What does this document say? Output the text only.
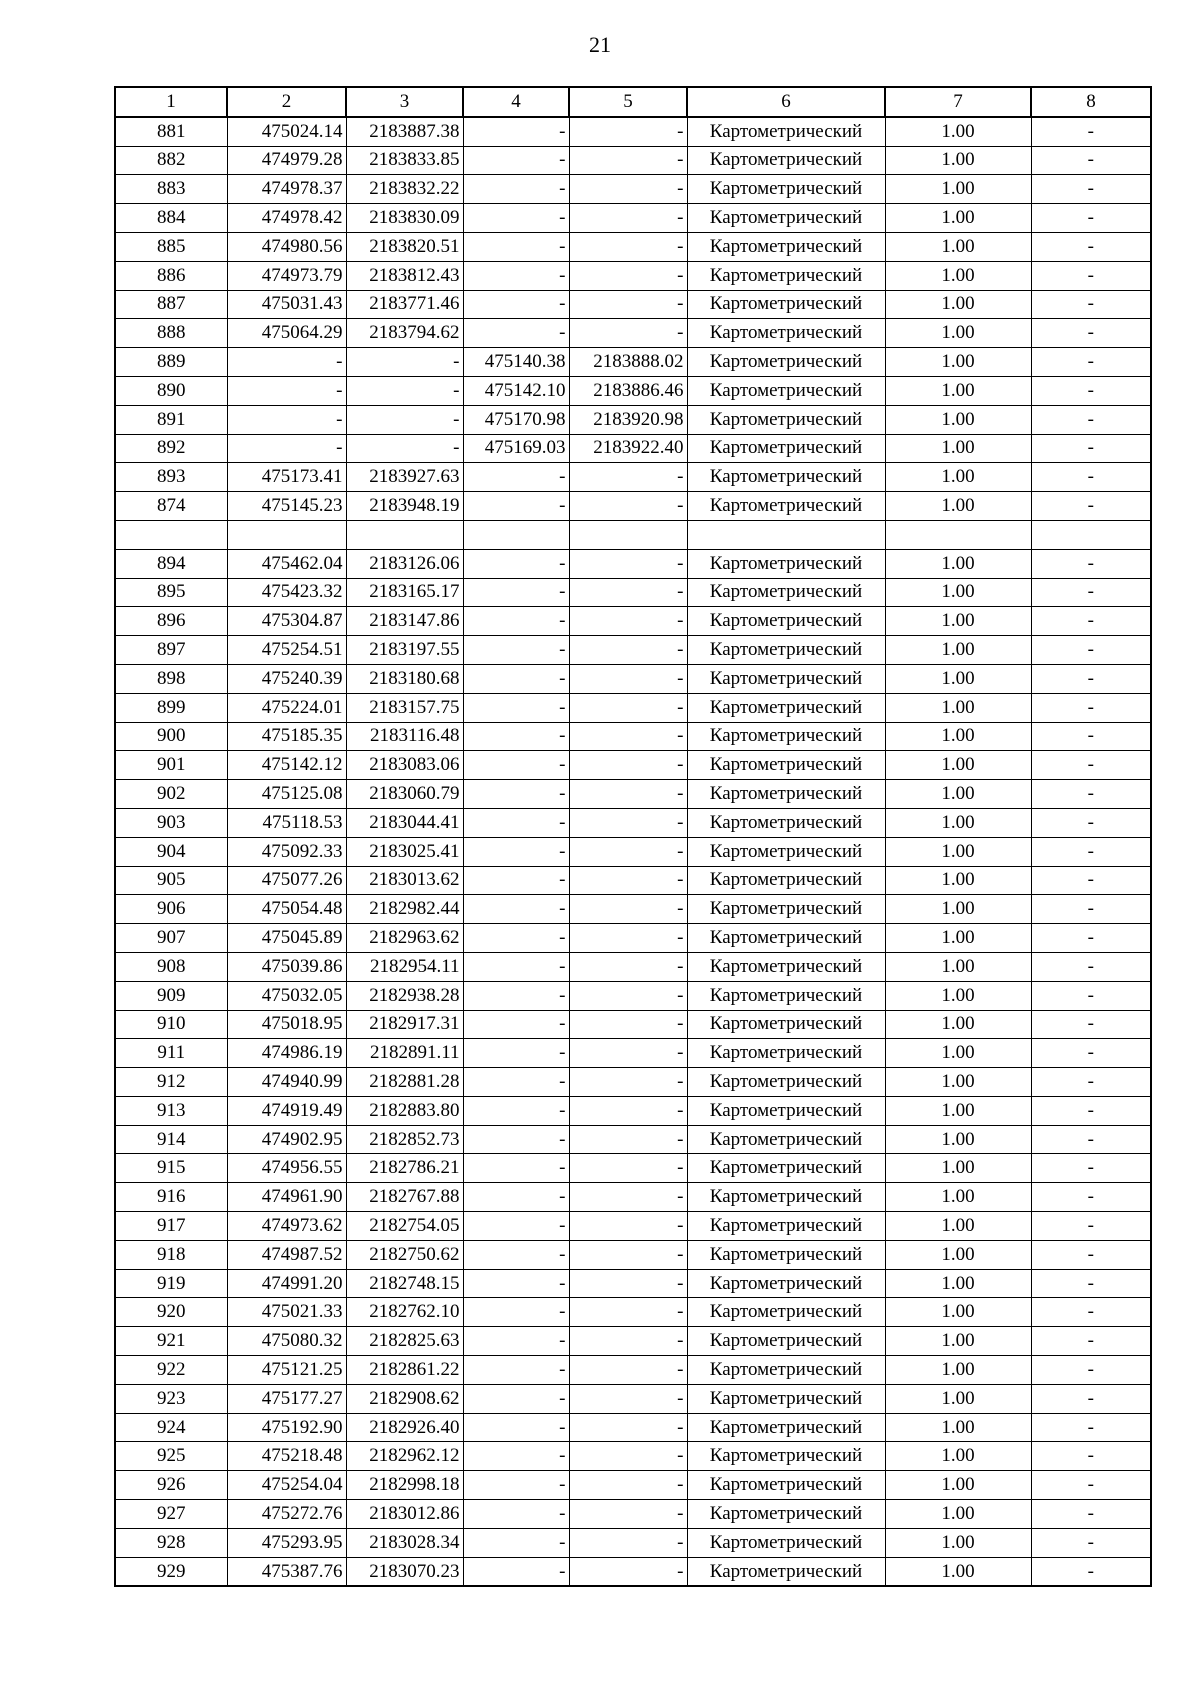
21
1	2	3	4	5	6	7	8
881	475024.14	2183887.38	-	-	Картометрический	1.00	-
882	474979.28	2183833.85	-	-	Картометрический	1.00	-
883	474978.37	2183832.22	-	-	Картометрический	1.00	-
884	474978.42	2183830.09	-	-	Картометрический	1.00	-
885	474980.56	2183820.51	-	-	Картометрический	1.00	-
886	474973.79	2183812.43	-	-	Картометрический	1.00	-
887	475031.43	2183771.46	-	-	Картометрический	1.00	-
888	475064.29	2183794.62	-	-	Картометрический	1.00	-
889	-	-	475140.38	2183888.02	Картометрический	1.00	-
890	-	-	475142.10	2183886.46	Картометрический	1.00	-
891	-	-	475170.98	2183920.98	Картометрический	1.00	-
892	-	-	475169.03	2183922.40	Картометрический	1.00	-
893	475173.41	2183927.63	-	-	Картометрический	1.00	-
874	475145.23	2183948.19	-	-	Картометрический	1.00	-

894	475462.04	2183126.06	-	-	Картометрический	1.00	-
895	475423.32	2183165.17	-	-	Картометрический	1.00	-
896	475304.87	2183147.86	-	-	Картометрический	1.00	-
897	475254.51	2183197.55	-	-	Картометрический	1.00	-
898	475240.39	2183180.68	-	-	Картометрический	1.00	-
899	475224.01	2183157.75	-	-	Картометрический	1.00	-
900	475185.35	2183116.48	-	-	Картометрический	1.00	-
901	475142.12	2183083.06	-	-	Картометрический	1.00	-
902	475125.08	2183060.79	-	-	Картометрический	1.00	-
903	475118.53	2183044.41	-	-	Картометрический	1.00	-
904	475092.33	2183025.41	-	-	Картометрический	1.00	-
905	475077.26	2183013.62	-	-	Картометрический	1.00	-
906	475054.48	2182982.44	-	-	Картометрический	1.00	-
907	475045.89	2182963.62	-	-	Картометрический	1.00	-
908	475039.86	2182954.11	-	-	Картометрический	1.00	-
909	475032.05	2182938.28	-	-	Картометрический	1.00	-
910	475018.95	2182917.31	-	-	Картометрический	1.00	-
911	474986.19	2182891.11	-	-	Картометрический	1.00	-
912	474940.99	2182881.28	-	-	Картометрический	1.00	-
913	474919.49	2182883.80	-	-	Картометрический	1.00	-
914	474902.95	2182852.73	-	-	Картометрический	1.00	-
915	474956.55	2182786.21	-	-	Картометрический	1.00	-
916	474961.90	2182767.88	-	-	Картометрический	1.00	-
917	474973.62	2182754.05	-	-	Картометрический	1.00	-
918	474987.52	2182750.62	-	-	Картометрический	1.00	-
919	474991.20	2182748.15	-	-	Картометрический	1.00	-
920	475021.33	2182762.10	-	-	Картометрический	1.00	-
921	475080.32	2182825.63	-	-	Картометрический	1.00	-
922	475121.25	2182861.22	-	-	Картометрический	1.00	-
923	475177.27	2182908.62	-	-	Картометрический	1.00	-
924	475192.90	2182926.40	-	-	Картометрический	1.00	-
925	475218.48	2182962.12	-	-	Картометрический	1.00	-
926	475254.04	2182998.18	-	-	Картометрический	1.00	-
927	475272.76	2183012.86	-	-	Картометрический	1.00	-
928	475293.95	2183028.34	-	-	Картометрический	1.00	-
929	475387.76	2183070.23	-	-	Картометрический	1.00	-
